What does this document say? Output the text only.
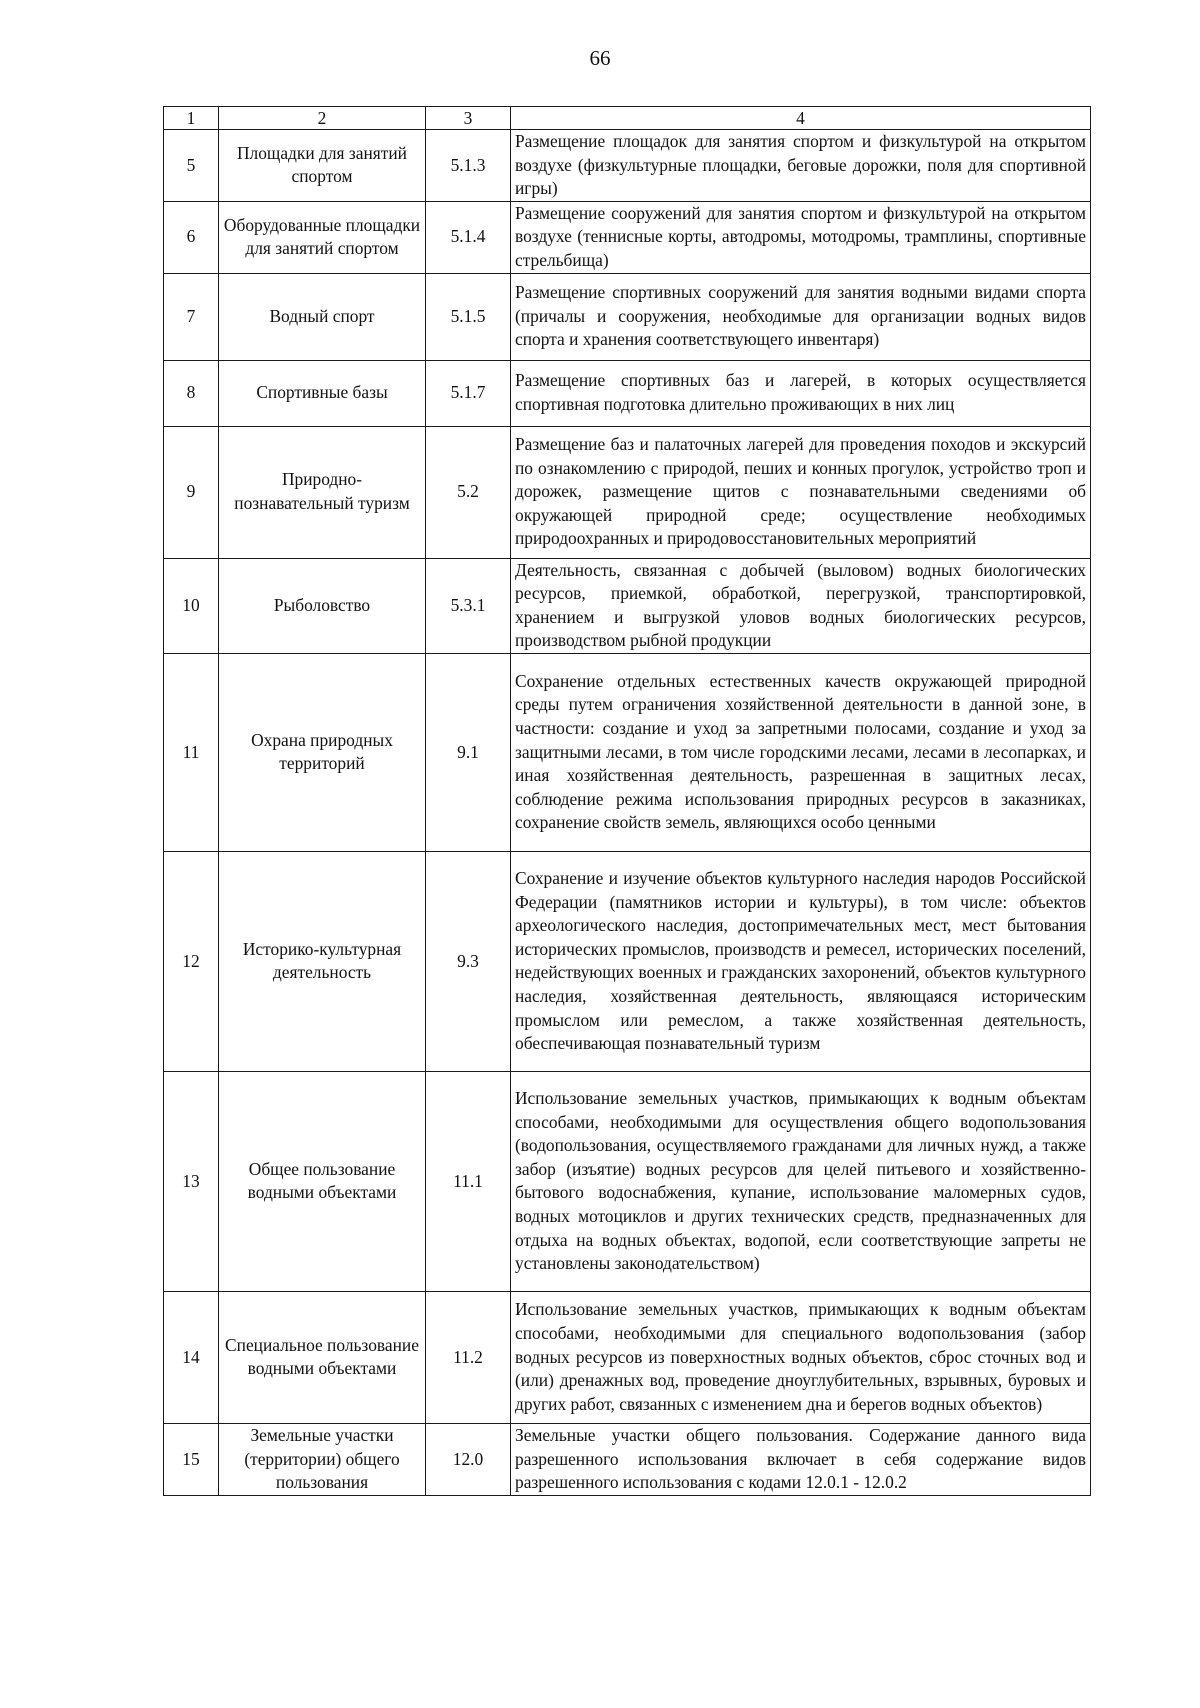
66
1	2	3	4
5	Площадки для занятий спортом	5.1.3	Размещение площадок для занятия спортом и физкультурой на открытом воздухе (физкультурные площадки, беговые дорожки, поля для спортивной игры)
6	Оборудованные площадки для занятий спортом	5.1.4	Размещение сооружений для занятия спортом и физкультурой на открытом воздухе (теннисные корты, автодромы, мотодромы, трамплины, спортивные стрельбища)
7	Водный спорт	5.1.5	Размещение спортивных сооружений для занятия водными видами спорта (причалы и сооружения, необходимые для организации водных видов спорта и хранения соответствующего инвентаря)
8	Спортивные базы	5.1.7	Размещение спортивных баз и лагерей, в которых осуществляется спортивная подготовка длительно проживающих в них лиц
9	Природно-познавательный туризм	5.2	Размещение баз и палаточных лагерей для проведения походов и экскурсий по ознакомлению с природой, пеших и конных прогулок, устройство троп и дорожек, размещение щитов с познавательными сведениями об окружающей природной среде; осуществление необходимых природоохранных и природовосстановительных мероприятий
10	Рыболовство	5.3.1	Деятельность, связанная с добычей (выловом) водных биологических ресурсов, приемкой, обработкой, перегрузкой, транспортировкой, хранением и выгрузкой уловов водных биологических ресурсов, производством рыбной продукции
11	Охрана природных территорий	9.1	Сохранение отдельных естественных качеств окружающей природной среды путем ограничения хозяйственной деятельности в данной зоне, в частности: создание и уход за запретными полосами, создание и уход за защитными лесами, в том числе городскими лесами, лесами в лесопарках, и иная хозяйственная деятельность, разрешенная в защитных лесах, соблюдение режима использования природных ресурсов в заказниках, сохранение свойств земель, являющихся особо ценными
12	Историко-культурная деятельность	9.3	Сохранение и изучение объектов культурного наследия народов Российской Федерации (памятников истории и культуры), в том числе: объектов археологического наследия, достопримечательных мест, мест бытования исторических промыслов, производств и ремесел, исторических поселений, недействующих военных и гражданских захоронений, объектов культурного наследия, хозяйственная деятельность, являющаяся историческим промыслом или ремеслом, а также хозяйственная деятельность, обеспечивающая познавательный туризм
13	Общее пользование водными объектами	11.1	Использование земельных участков, примыкающих к водным объектам способами, необходимыми для осуществления общего водопользования (водопользования, осуществляемого гражданами для личных нужд, а также забор (изъятие) водных ресурсов для целей питьевого и хозяйственно-бытового водоснабжения, купание, использование маломерных судов, водных мотоциклов и других технических средств, предназначенных для отдыха на водных объектах, водопой, если соответствующие запреты не установлены законодательством)
14	Специальное пользование водными объектами	11.2	Использование земельных участков, примыкающих к водным объектам способами, необходимыми для специального водопользования (забор водных ресурсов из поверхностных водных объектов, сброс сточных вод и (или) дренажных вод, проведение дноуглубительных, взрывных, буровых и других работ, связанных с изменением дна и берегов водных объектов)
15	Земельные участки (территории) общего пользования	12.0	Земельные участки общего пользования. Содержание данного вида разрешенного использования включает в себя содержание видов разрешенного использования с кодами 12.0.1 - 12.0.2
